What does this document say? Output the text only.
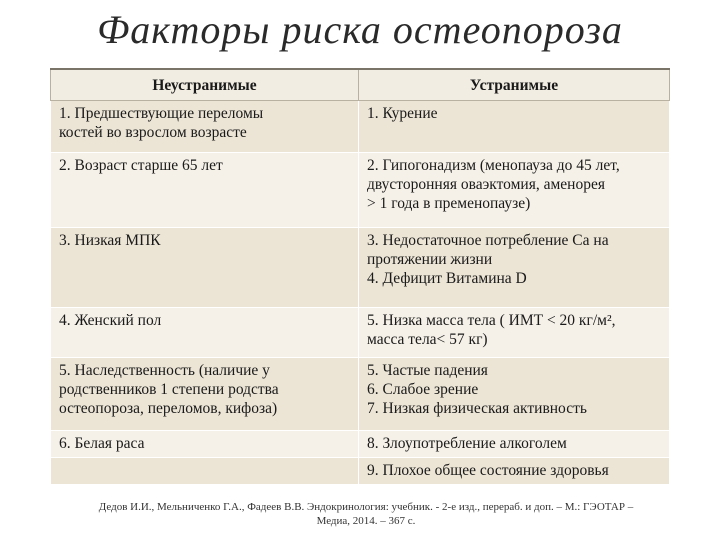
Факторы риска остеопороза
Неустранимые	Устранимые

1. Предшествующие переломы
костей во взрослом возрасте	1. Курение

2. Возраст старше 65 лет	2. Гипогонадизм (менопауза до 45 лет,
двусторонняя оваэктомия, аменорея
> 1 года в пременопаузе)

3. Низкая МПК	3. Недостаточное потребление Са на
протяжении жизни
4. Дефицит Витамина D

4. Женский пол	5. Низка масса тела ( ИМТ < 20 кг/м²,
масса тела< 57 кг)

5. Наследственность (наличие у
родственников 1 степени родства
остеопороза, переломов, кифоза)	5. Частые падения
6. Слабое зрение
7. Низкая физическая активность

6. Белая раса	8. Злоупотребление алкоголем

	9. Плохое общее состояние здоровья
Дедов И.И., Мельниченко Г.А., Фадеев В.В. Эндокринология: учебник. - 2-е изд., перераб. и доп. – М.: ГЭОТАР –
Медиа, 2014. – 367 с.
